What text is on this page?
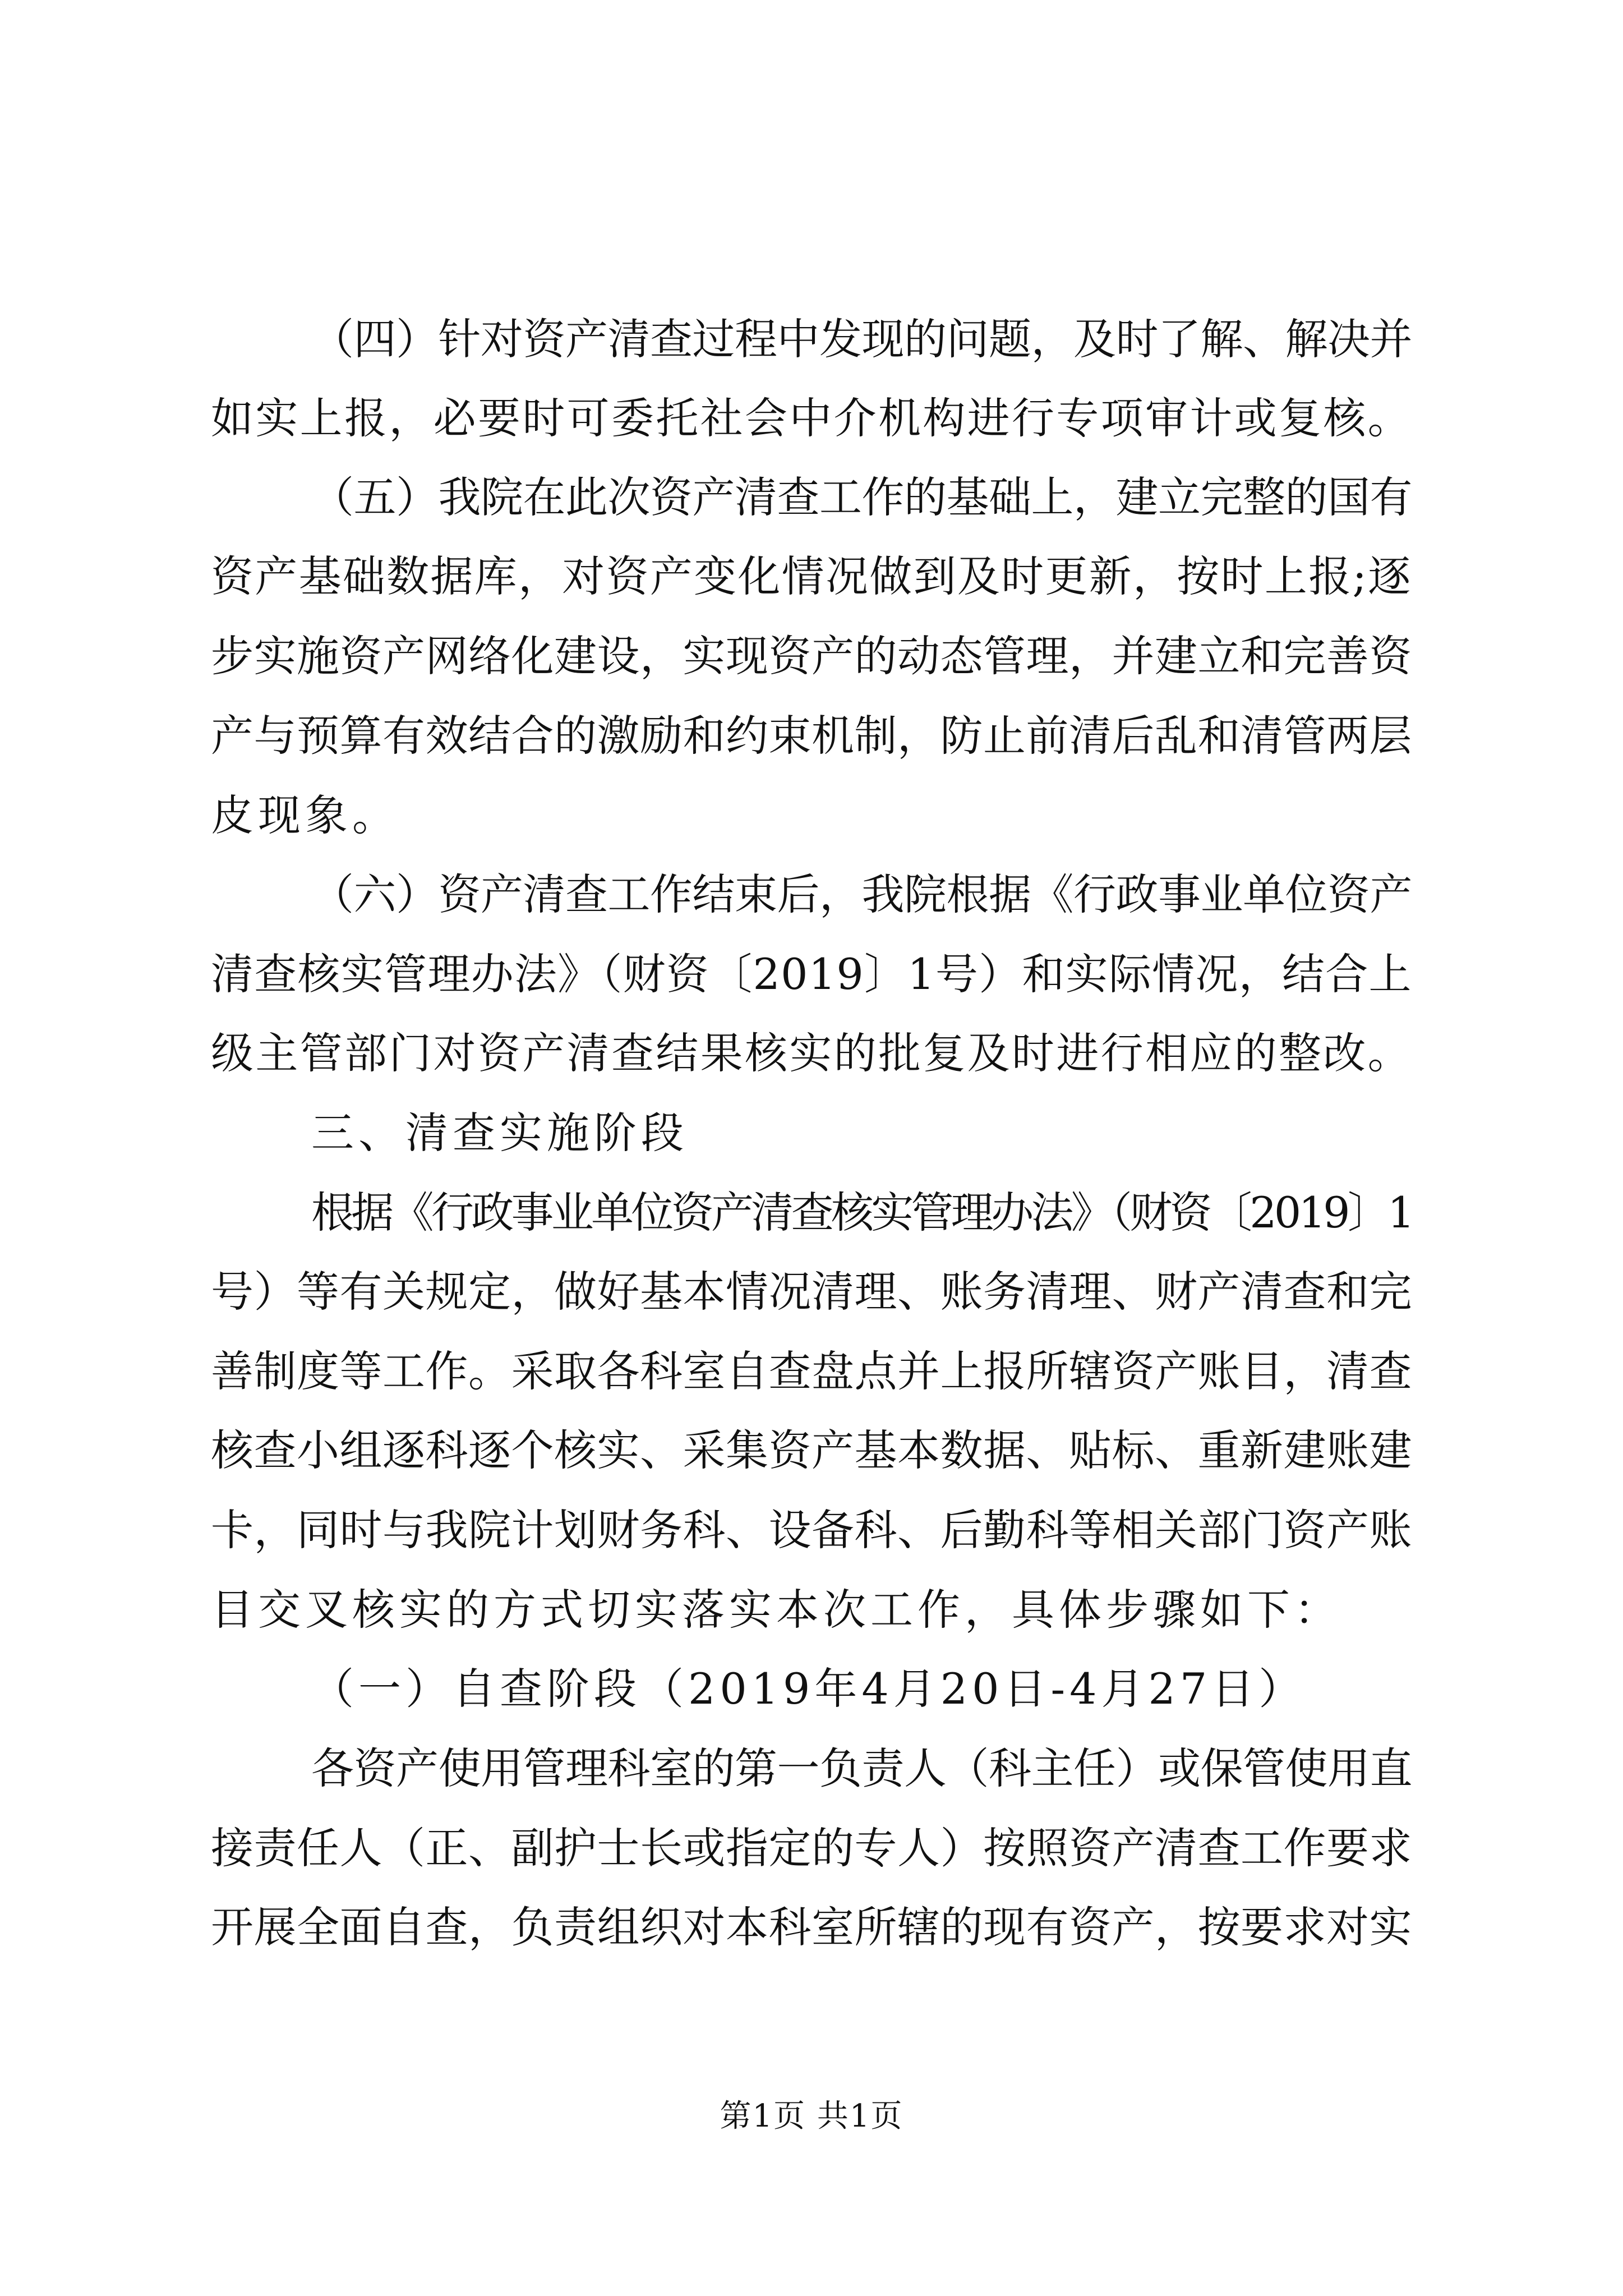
（四）针对资产清查过程中发现的问题，及时了解、解决并
如实上报，必要时可委托社会中介机构进行专项审计或复核。
（五）我院在此次资产清查工作的基础上，建立完整的国有
资产基础数据库，对资产变化情况做到及时更新，按时上报;逐
步实施资产网络化建设，实现资产的动态管理，并建立和完善资
产与预算有效结合的激励和约束机制，防止前清后乱和清管两层
皮现象。
（六）资产清查工作结束后，我院根据《行政事业单位资产
清查核实管理办法》（财资〔2019〕1号）和实际情况，结合上
级主管部门对资产清查结果核实的批复及时进行相应的整改。
三、清查实施阶段
根据《行政事业单位资产清查核实管理办法》（财资〔2019〕1
号）等有关规定，做好基本情况清理、账务清理、财产清查和完
善制度等工作。采取各科室自查盘点并上报所辖资产账目，清查
核查小组逐科逐个核实、采集资产基本数据、贴标、重新建账建
卡，同时与我院计划财务科、设备科、后勤科等相关部门资产账
目交叉核实的方式切实落实本次工作，具体步骤如下：
（一）自查阶段（2019年4月20日-4月27日）
各资产使用管理科室的第一负责人（科主任）或保管使用直
接责任人（正、副护士长或指定的专人）按照资产清查工作要求
开展全面自查，负责组织对本科室所辖的现有资产，按要求对实
第1页 共1页
